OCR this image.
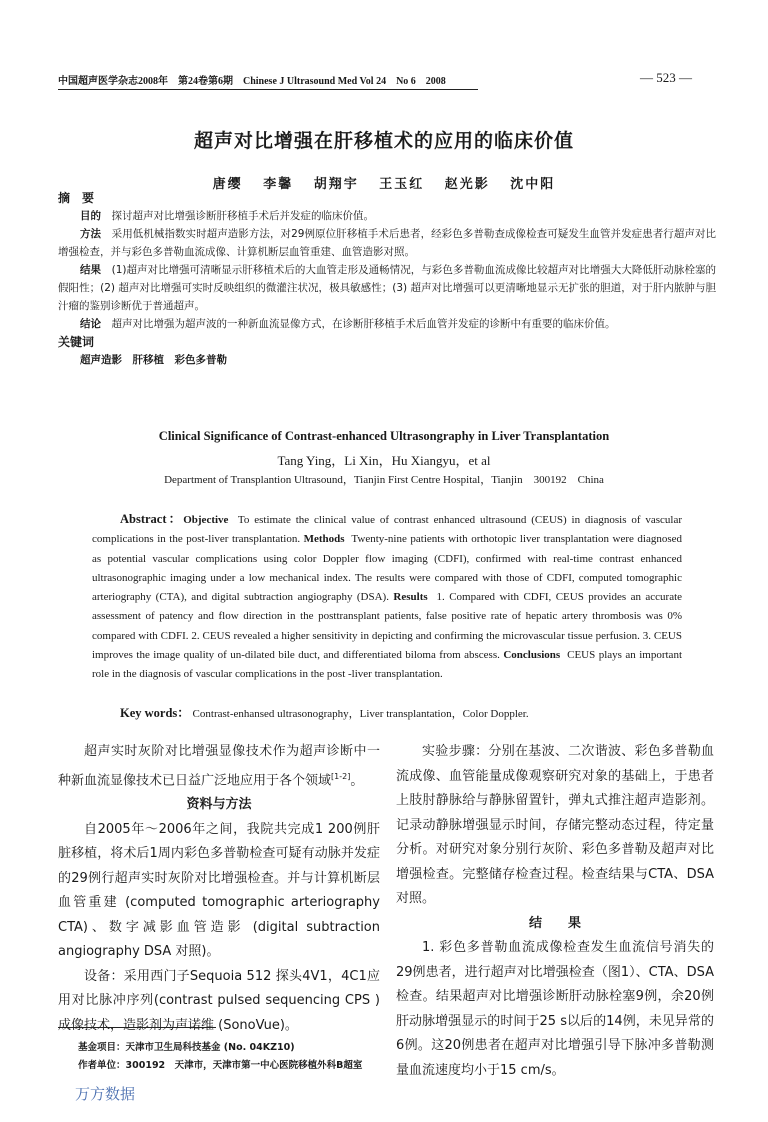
中国超声医学杂志2008年　第24卷第6期　Chinese J Ultrasound Med Vol 24　No 6　2008	— 523 —
超声对比增强在肝移植术的应用的临床价值
唐缨 李馨 胡翔宇 王玉红 赵光影 沈中阳
摘　要
目的　 探讨超声对比增强诊断肝移植手术后并发症的临床价值。
方法　 采用低机械指数实时超声造影方法，对29例原位肝移植手术后患者，经彩色多普勒查成像检查可疑发生血管并发症患者行超声对比增强检查，并与彩色多普勒血流成像、计算机断层血管重建、血管造影对照。
结果　 (1)超声对比增强可清晰显示肝移植术后的大血管走形及通畅情况，与彩色多普勒血流成像比较超声对比增强大大降低肝动脉栓塞的假阳性；(2) 超声对比增强可实时反映组织的微灌注状况，极具敏感性；(3) 超声对比增强可以更清晰地显示无扩张的胆道，对于肝内脓肿与胆汁瘤的鉴别诊断优于普通超声。
结论　 超声对比增强为超声波的一种新血流显像方式，在诊断肝移植手术后血管并发症的诊断中有重要的临床价值。
关键词
超声造影　肝移植　彩色多普勒
Clinical Significance of Contrast-enhanced Ultrasongraphy in Liver Transplantation
Tang Ying，Li Xin，Hu Xiangyu，et al
Department of Transplantion Ultrasound，Tianjin First Centre Hospital，Tianjin　300192　China
Abstract：Objective To estimate the clinical value of contrast enhanced ultrasound (CEUS) in diagnosis of vascular complications in the post-liver transplantation. Methods Twenty-nine patients with orthotopic liver transplantation were diagnosed as potential vascular complications using color Doppler flow imaging (CDFI), confirmed with real-time contrast enhanced ultrasonographic imaging under a low mechanical index. The results were compared with those of CDFI, computed tomographic arteriography (CTA), and digital subtraction angiography (DSA). Results 1. Compared with CDFI, CEUS provides an accurate assessment of patency and flow direction in the posttransplant patients, false positive rate of hepatic artery thrombosis was 0% compared with CDFI. 2. CEUS revealed a higher sensitivity in depicting and confirming the microvascular tissue perfusion. 3. CEUS improves the image quality of un-dilated bile duct, and differentiated biloma from abscess. Conclusions CEUS plays an important role in the diagnosis of vascular complications in the post -liver transplantation.
Key words： Contrast-enhansed ultrasonography，Liver transplantation，Color Doppler.

超声实时灰阶对比增强显像技术作为超声诊断中一种新血流显像技术已日益广泛地应用于各个领域[1-2]。

资料与方法

自2005年～2006年之间，我院共完成1 200例肝脏移植，将术后1周内彩色多普勒检查可疑有动脉并发症的29例行超声实时灰阶对比增强检查。并与计算机断层血管重建 (computed tomographic arteriography CTA)、数字减影血管造影 (digital subtraction angiography DSA 对照)。

设备：采用西门子Sequoia 512 探头4V1，4C1应用对比脉冲序列(contrast pulsed sequencing CPS )成像技术，造影剂为声诺维 (SonoVue)。

实验步骤：分别在基波、二次谐波、彩色多普勒血流成像、血管能量成像观察研究对象的基础上，于患者上肢肘静脉给与静脉留置针，弹丸式推注超声造影剂。记录动静脉增强显示时间，存储完整动态过程，待定量分析。对研究对象分别行灰阶、彩色多普勒及超声对比增强检查。完整储存检查过程。检查结果与CTA、DSA 对照。

结　　果

1. 彩色多普勒血流成像检查发生血流信号消失的29例患者，进行超声对比增强检查（图1）、CTA、DSA 检查。结果超声对比增强诊断肝动脉栓塞9例，余20例肝动脉增强显示的时间于25 s以后的14例，未见异常的6例。这20例患者在超声对比增强引导下脉冲多普勒测量血流速度均小于15 cm/s。

基金项目：天津市卫生局科技基金 (No. 04KZ10)
作者单位：300192　天津市，天津市第一中心医院移植外科B超室
万方数据
